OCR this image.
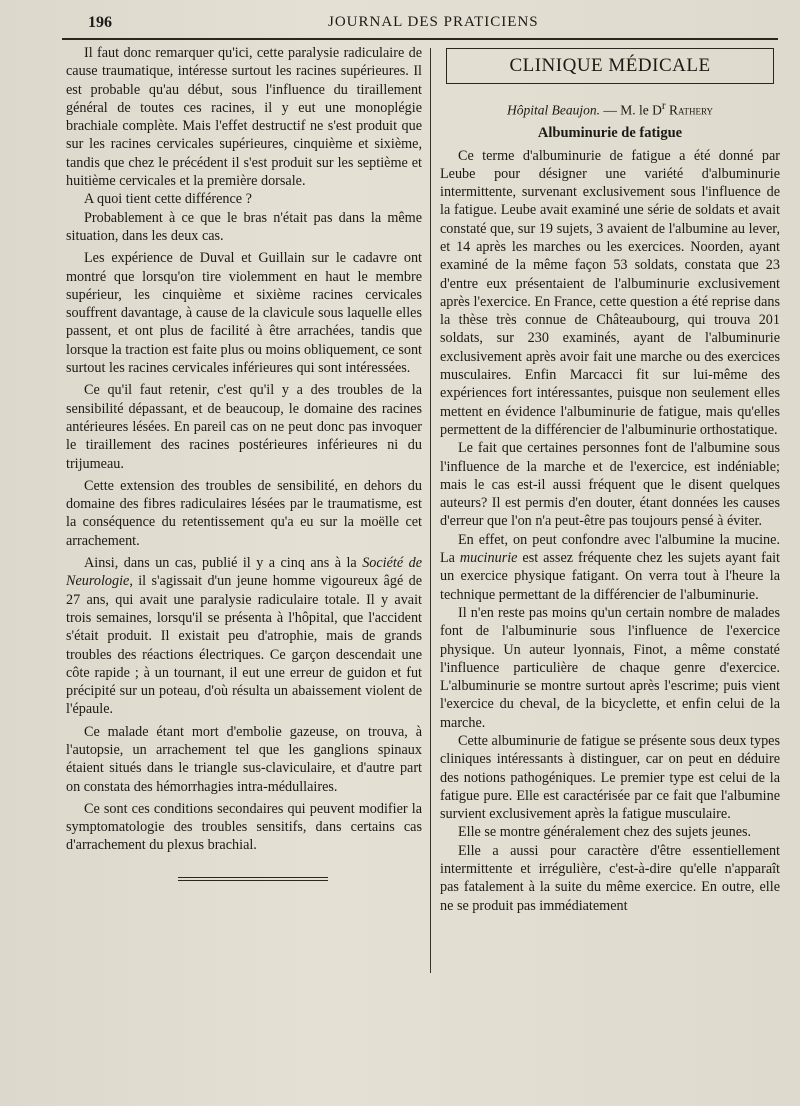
196	JOURNAL DES PRATICIENS

Il faut donc remarquer qu'ici, cette paralysie radiculaire de cause traumatique, intéresse surtout les racines supérieures. Il est probable qu'au début, sous l'influence du tiraillement général de toutes ces racines, il y eut une monoplégie brachiale complète. Mais l'effet destructif ne s'est produit que sur les racines cervicales supérieures, cinquième et sixième, tandis que chez le précédent il s'est produit sur les septième et huitième cervicales et la première dorsale.

A quoi tient cette différence ?

Probablement à ce que le bras n'était pas dans la même situation, dans les deux cas.

Les expérience de Duval et Guillain sur le cadavre ont montré que lorsqu'on tire violemment en haut le membre supérieur, les cinquième et sixième racines cervicales souffrent davantage, à cause de la clavicule sous laquelle elles passent, et ont plus de facilité à être arrachées, tandis que lorsque la traction est faite plus ou moins obliquement, ce sont surtout les racines cervicales inférieures qui sont intéressées.

Ce qu'il faut retenir, c'est qu'il y a des troubles de la sensibilité dépassant, et de beaucoup, le domaine des racines antérieures lésées. En pareil cas on ne peut donc pas invoquer le tiraillement des racines postérieures inférieures ni du trijumeau.

Cette extension des troubles de sensibilité, en dehors du domaine des fibres radiculaires lésées par le traumatisme, est la conséquence du retentissement qu'a eu sur la moëlle cet arrachement.

Ainsi, dans un cas, publié il y a cinq ans à la Société de Neurologie, il s'agissait d'un jeune homme vigoureux âgé de 27 ans, qui avait une paralysie radiculaire totale. Il y avait trois semaines, lorsqu'il se présenta à l'hôpital, que l'accident s'était produit. Il existait peu d'atrophie, mais de grands troubles des réactions électriques. Ce garçon descendait une côte rapide ; à un tournant, il eut une erreur de guidon et fut précipité sur un poteau, d'où résulta un abaissement violent de l'épaule.

Ce malade étant mort d'embolie gazeuse, on trouva, à l'autopsie, un arrachement tel que les ganglions spinaux étaient situés dans le triangle sus-claviculaire, et d'autre part on constata des hémorrhagies intra-médullaires.

Ce sont ces conditions secondaires qui peuvent modifier la symptomatologie des troubles sensitifs, dans certains cas d'arrachement du plexus brachial.

CLINIQUE MÉDICALE
Hôpital Beaujon. — M. le $D^r$ Rathery
Albuminurie de fatigue

Ce terme d'albuminurie de fatigue a été donné par Leube pour désigner une variété d'albuminurie intermittente, survenant exclusivement sous l'influence de la fatigue. Leube avait examiné une série de soldats et avait constaté que, sur 19 sujets, 3 avaient de l'albumine au lever, et 14 après les marches ou les exercices. Noorden, ayant examiné de la même façon 53 soldats, constata que 23 d'entre eux présentaient de l'albuminurie exclusivement après l'exercice. En France, cette question a été reprise dans la thèse très connue de Châteaubourg, qui trouva 201 soldats, sur 230 examinés, ayant de l'albuminurie exclusivement après avoir fait une marche ou des exercices musculaires. Enfin Marcacci fit sur lui-même des expériences fort intéressantes, puisque non seulement elles mettent en évidence l'albuminurie de fatigue, mais qu'elles permettent de la différencier de l'albuminurie orthostatique.

Le fait que certaines personnes font de l'albumine sous l'influence de la marche et de l'exercice, est indéniable; mais le cas est-il aussi fréquent que le disent quelques auteurs? Il est permis d'en douter, étant données les causes d'erreur que l'on n'a peut-être pas toujours pensé à éviter.

En effet, on peut confondre avec l'albumine la mucine. La mucinurie est assez fréquente chez les sujets ayant fait un exercice physique fatigant. On verra tout à l'heure la technique permettant de la différencier de l'albuminurie.

Il n'en reste pas moins qu'un certain nombre de malades font de l'albuminurie sous l'influence de l'exercice physique. Un auteur lyonnais, Finot, a même constaté l'influence particulière de chaque genre d'exercice. L'albuminurie se montre surtout après l'escrime; puis vient l'exercice du cheval, de la bicyclette, et enfin celui de la marche.

Cette albuminurie de fatigue se présente sous deux types cliniques intéressants à distinguer, car on peut en déduire des notions pathogéniques. Le premier type est celui de la fatigue pure. Elle est caractérisée par ce fait que l'albumine survient exclusivement après la fatigue musculaire.

Elle se montre généralement chez des sujets jeunes.

Elle a aussi pour caractère d'être essentiellement intermittente et irrégulière, c'est-à-dire qu'elle n'apparaît pas fatalement à la suite du même exercice. En outre, elle ne se produit pas immédiatement
